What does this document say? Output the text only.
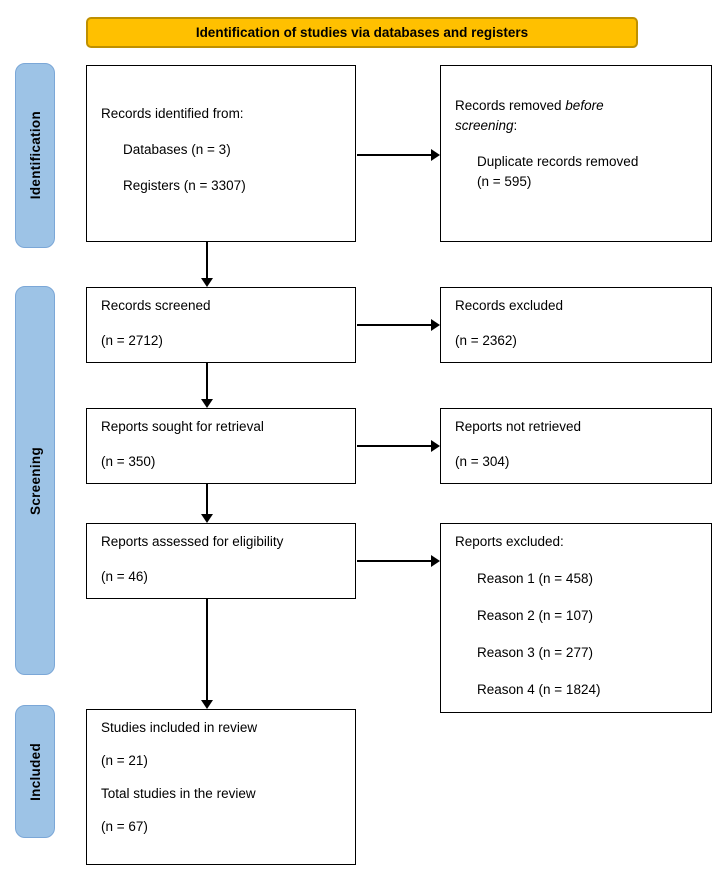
Identification of studies via databases and registers
Identification
Screening
Included
Records identified from:
Databases (n = 3)
Registers (n = 3307)
Records screened
(n = 2712)
Reports sought for retrieval
(n = 350)
Reports assessed for eligibility
(n = 46)
Studies included in review
(n = 21)
Total studies in the review
(n = 67)
Records removed before screening:
Duplicate records removed
(n = 595)
Records excluded
(n = 2362)
Reports not retrieved
(n = 304)
Reports excluded:
Reason 1 (n = 458)
Reason 2 (n = 107)
Reason 3 (n = 277)
Reason 4 (n = 1824)
